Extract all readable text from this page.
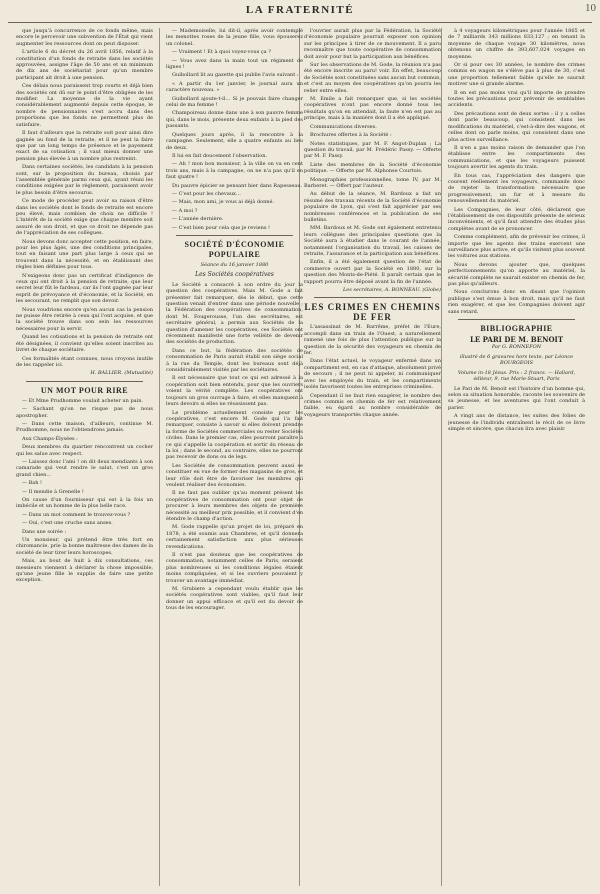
LA FRATERNITÉ	10

que jusqu'à concurrence de ce fonds même, mais encore le percevoir une subvention de l'État qui vient augmenter les ressources dont on peut disposer.

L'article 6 du décret du 26 avril 1856, relatif à la constitution d'un fonds de retraite dans les sociétés approuvées, assigne l'âge de 50 ans et un minimum de dix ans de sociétariat pour qu'un membre participant ait droit à une pension.

Ces délais nous paraissent trop courts et déjà bien des sociétés ont dû sur le point d'être obligées de les modifier. La moyenne de la vie ayant considérablement augmenté depuis cette époque, le nombre de pensionnaires s'est accru dans des proportions que les fonds ne permettent plus de satisfaire.

Il faut d'ailleurs que la retraite soit pour ainsi dire gagnée au fond de la retraite, et il ne peut la faire que par un long temps de présence et le payement exact de sa cotisation ; il vaut mieux donner une pension plus élevée à un nombre plus restreint.

Dans certaines sociétés, les candidats à la pension sont, sur la proposition du bureau, choisis par l'assemblée générale parmi ceux qui, ayant réuni les conditions exigées par le règlement, paraissent avoir le plus besoin d'être secourus.

Ce mode de procéder peut avoir sa raison d'être dans les sociétés dont le fonds de retraite est encore peu élevé, mais combien de choix ne difficile ! L'intérêt de la société exige que chaque membre soit assuré de son droit, et que ce droit ne dépende pas de l'appréciation de ses collègues.

Nous devons donc accepter cette position, en faire, pour les plus âgés, une des conditions principales, tout en faisant une part plus large à ceux qui se trouvent dans la nécessité, et en établissant des règles bien définies pour tous.

N'exigeons donc pas un certificat d'indigence de ceux qui ont droit à la pension de retraite, que leur secret leur fût le fardeau, car ils l'ont gagnée par leur esprit de prévoyance et d'économie, et la Société, en les secourant, ne remplit que son devoir.

Nous voudrions encore qu'en aucun cas la pension ne puisse être retirée à ceux qui l'ont acquise, et que la société trouve dans son sein les ressources nécessaires pour la servir.

Quand les cotisations et la pension de retraite ont été désignées, il convient qu'elles soient inscrites au livret de chaque sociétaire.

Ces formalités étant connues, nous croyons inutile de les rappeler ici.

H. BALLIER. (Mutualité)
UN MOT POUR RIRE

— Et Mme Prudhomme voulait acheter un pain.

— Sachant qu'on ne risque pas de nous apostropher.

— Dans cette maison, d'ailleurs, continue M. Prudhomme, nous ne l'obtiendrons jamais.

Aux Champs-Élysées :

Deux membres du quartier rencontrent un cocher qui les salue avec respect.

— Laissez donc l'ami ! on dit deux mendiants à son camarade qui veut rendre le salut, c'est un gros grand chien…

— Bah !

— Il mendie à Grenelle !

On cause d'un fournisseur qui est à la fois un imbécile et un homme de la plus belle race.

— Dans un mot comment le trouvez-vous ?

— Oui, c'est une cruche sans anses.

Dans une soirée :

Un monsieur, qui prétend être très fort en chiromancie, prie la bonne maîtresse des dames de la société de leur tirer leurs horoscopes.

Mais, au bout de huit à dix consultations, ces messieurs viennent à déclarer la chose impossible, qu'une jeune fille le supplie de faire une petite exception.

— Mademoiselle, lui dit-il, après avoir contemplé les menottes roses de la jeune fille, vous épouserez un colonel.

— Vraiment ! Et à quoi voyez-vous ça ?

— Vous avez dans la main tout un régiment de lignes !

Guibollard lit au gazette qui publie l'avis suivant :

« A partir du 1er janvier, le journal aura un caractère nouveau. »

Guibollard ajoute-t-il… Si je pouvais faire changer celui de ma femme !

Champoireau donne dans une à son pauvre femme qui, dans le mois, présente deux enfants à la pied des passants.

Quelques jours après, il la rencontre à la campagne. Seulement, elle a quatre enfants au lieu de deux.

Il lui en fait doucement l'observation.

— Ah ! mon bon monsieur, à la ville on va en cent trois ans, mais à la campagne, on ne n'a pas qu'il en faut quatre !

Du pauvre épicier se pensant hier dans Rapesseau.

— C'est pour les chevaux…

— Mais, mon ami, je vous ai déjà donné.

— A moi ?

— L'année dernière.

— C'est bien pour cela que je reviens !

SOCIÉTÉ D'ÉCONOMIE POPULAIRE
Séance du 16 janvier 1880
Les Sociétés coopératives

Le Société a consacré à son ordre du jour la question des coopératives. Mais M. Gode a fait présenter fait remarquer, dès le début, que cette question venait d'entrer dans une période nouvelle ; la Fédération des coopératives de consommation, dont M. Fougerousse, l'un des secrétaires, est secrétaire général, a permis aux Sociétés de la question d'amener les coopératives, ces Sociétés ont récemment manifesté une forte velléité de devenir des sociétés de production.

Dans ce but, la fédération des sociétés de consommation de Paris aurait établi son siège social à la rue du Temple, dont les bureaux sont déjà considérablement visités par les sociétaires.

Il est nécessaire que tout ce qui est adressé à la coopération soit bien entendu, pour que les ouvriers voient la vérité complète. Les coopératives ont toujours un gros ouvrage à faire, et elles manquent à leurs devoirs si elles ne réussissent pas.

Le problème actuellement consiste pour les coopératives, c'est encore M. Gode qui l'a fait remarquer, consiste à savoir si elles doivent prendre la forme de Sociétés commerciales ou rester Sociétés civiles. Dans le premier cas, elles pourront paraître à ce qui s'appelle la coopération et sortir du réseau de la loi ; dans le second, au contraire, elles ne pourront pas recevoir de dons ou de legs.

Les Sociétés de consommation peuvent aussi se constituer en vue de former des magasins de gros, et leur rôle doit être de favoriser les membres qui veulent réaliser des économies.

Il ne faut pas oublier qu'au moment présent les coopératives de consommation ont pour objet de procurer à leurs membres des objets de première nécessité au meilleur prix possible, et il convient d'en étendre le champ d'action.

M. Gode rappelle qu'un projet de loi, préparé en 1878, a été soumis aux Chambres, et qu'il donnera certainement satisfaction aux plus sérieuses revendications.

Il n'est pas douteux que les coopératives de consommation, notamment celles de Paris, seraient plus nombreuses si les conditions légales étaient moins compliquées, et si les ouvriers pouvaient y trouver un avantage immédiat.

M. Grubiere a cependant voulu établir que les sociétés coopératives sont viables, qu'il faut leur donner un appui efficace et qu'il est du devoir de tous de les encourager.

l'ouvrier aurait plus par la Fédération, la Société d'économie populaire pourrait exposer son opinion sur les principes à tirer de ce mouvement. Il a paru reconnaître que toute coopérative de consommation doit avoir pour but la participation aux bénéfices.

Sur les observations de M. Gode, la réunion n'a pas été encore inscrite au paru! voir. En effet, beaucoup de Sociétés sont constituées sans aucun but commun, et c'est au moyen des coopératives qu'on pourra les relier entre elles.

M. Emile a fait remarquer que, si les sociétés coopératives n'ont pas encore donné tous les résultats qu'on en attendait, la faute n'en est pas au principe, mais à la manière dont il a été appliqué.

Communications diverses.

Brochures offertes à la Société :

Notes statistiques, par M. F. Angot-Duplan ; La question du travail, par M. Frédéric Passy. — Offerte par M. F. Passy.

Liste des membres de la Société d'économie politique. — Offerte par M. Alphonse Courtois.

Monographies professionnelles, tome IV, par M. Barberet. — Offert par l'auteur.

Au début de la séance, M. Bardoux a fait un résumé des travaux récents de la Société d'économie populaire de Lyon, qui s'est fait apprécier par ses nombreuses conférences et la publication de ses bulletins.

MM. Bardoux et M. Gode ont également entretenu leurs collègues des principales questions que la Société aura à étudier dans le courant de l'année, notamment l'organisation du travail, les caisses de retraite, l'assurance et la participation aux bénéfices.

Enfin, il a été également question de l'état de commerce ouvert par la Société en 1880, sur la question des Monts-de-Piété. Il paraît certain que le rapport pourra être déposé avant la fin de l'année.

Les secrétaires, A. BONNEAU. (Globe)
LES CRIMES EN CHEMINS DE FER

L'assassinat de M. Barrême, préfet de l'Eure, accompli dans un train de l'Ouest, a naturellement ramené une fois de plus l'attention publique sur la question de la sécurité des voyageurs en chemin de fer.

Dans l'état actuel, le voyageur enfermé dans un compartiment est, en cas d'attaque, absolument privé de secours ; il ne peut ni appeler, ni communiquer avec les employés du train, et les compartiments isolés favorisent toutes les entreprises criminelles.

Cependant il ne faut rien exagérer, le nombre des crimes commis en chemin de fer est relativement faible, eu égard au nombre considérable de voyageurs transportés chaque année.

à 4 voyageurs kilométriques pour l'année 1865 et de 7 milliards 343 millions 833,127 ; en tenant la moyenne de chaque voyage 30 kilomètres, nous obtenons un chiffre de 393,607,024 voyages en moyenne.

Or si pour ces 30 années, le nombre des crimes commis en wagon ne s'élève pas à plus de 30, c'est une proportion tellement faible qu'elle ne saurait motiver une si grande alarme.

Il en est pas moins vrai qu'il importe de prendre toutes les précautions pour prévenir de semblables accidents.

Des précautions sont de deux sortes : il y a celles dont parle beaucoup, qui consistent dans les modifications du matériel, c'est-à-dire des wagons, et celles dont on parle moins, qui consistent dans une plus active surveillance.

Il n'en a pas moins raison de demander que l'on établisse entre les compartiments des communications, et que les voyageurs puissent toujours avertir les agents du train.

En tous cas, l'appréciation des dangers que courent réellement les voyageurs, commande donc de rejeter la transformation nécessaire que progressivement, un fur et à mesure du renouvellement du matériel.

Les Compagnies, de leur côté, déclarent que l'établissement de ces dispositifs présente de sérieux inconvénients, et qu'il faut attendre des études plus complètes avant de se prononcer.

Comme complément, afin de prévenir les crimes, il importe que les agents des trains exercent une surveillance plus active, et qu'ils visitent plus souvent les voitures aux stations.

Nous devons ajouter que, quelques perfectionnements qu'on apporte au matériel, la sécurité complète ne saurait exister en chemin de fer, pas plus qu'ailleurs.

Nous conclurons donc en disant que l'opinion publique s'est émue à bon droit, mais qu'il ne faut rien exagérer, et que les Compagnies doivent agir sans retard.

BIBLIOGRAPHIE
LE PARI DE M. BENOIT
Par G. BONNEFON
illustré de 6 gravures hors texte, par Léonce BOURGEOIS
Volume in-18 Jésus. Prix : 2 francs. — Hallard, éditeur, 9, rue Marie-Stuart, Paris

Le Pari de M. Benoit est l'histoire d'un homme qui, selon sa situation honorable, raconte les souvenirs de sa jeunesse, et les aventures qui l'ont conduit à parier.

A vingt ans de distance, les suites des folies de jeunesse de l'individu entraînent le récit de ce livre simple et sincère, que chacun lira avec plaisir.
